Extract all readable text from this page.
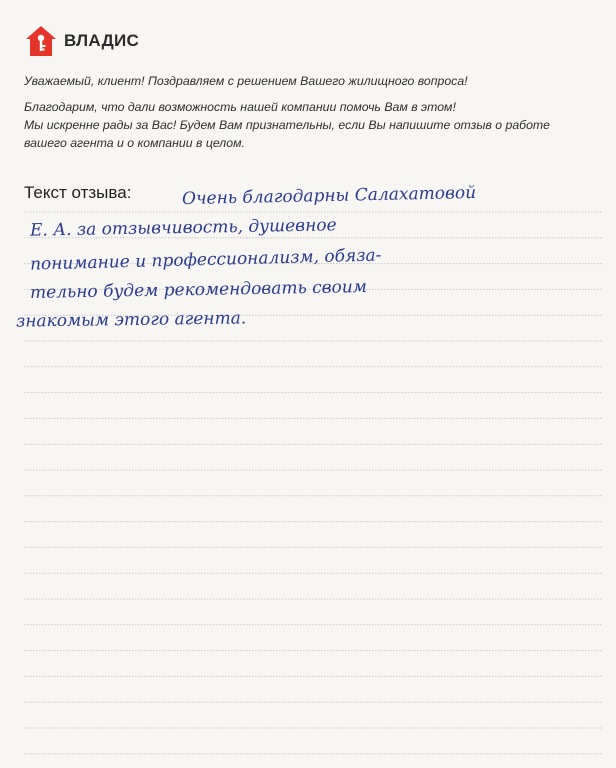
ВЛАДИС

Уважаемый, клиент! Поздравляем с решением Вашего жилищного вопроса!

Благодарим, что дали возможность нашей компании помочь Вам в этом!

Мы искренне рады за Вас! Будем Вам признательны, если Вы напишите отзыв о работе

вашего агента и о компании в целом.

Текст отзыва:	Очень благодарны Салахатовой
Е. А. за отзывчивость, душевное
понимание и профессионализм, обяза-
тельно будем рекомендовать своим
знакомым этого агента.
